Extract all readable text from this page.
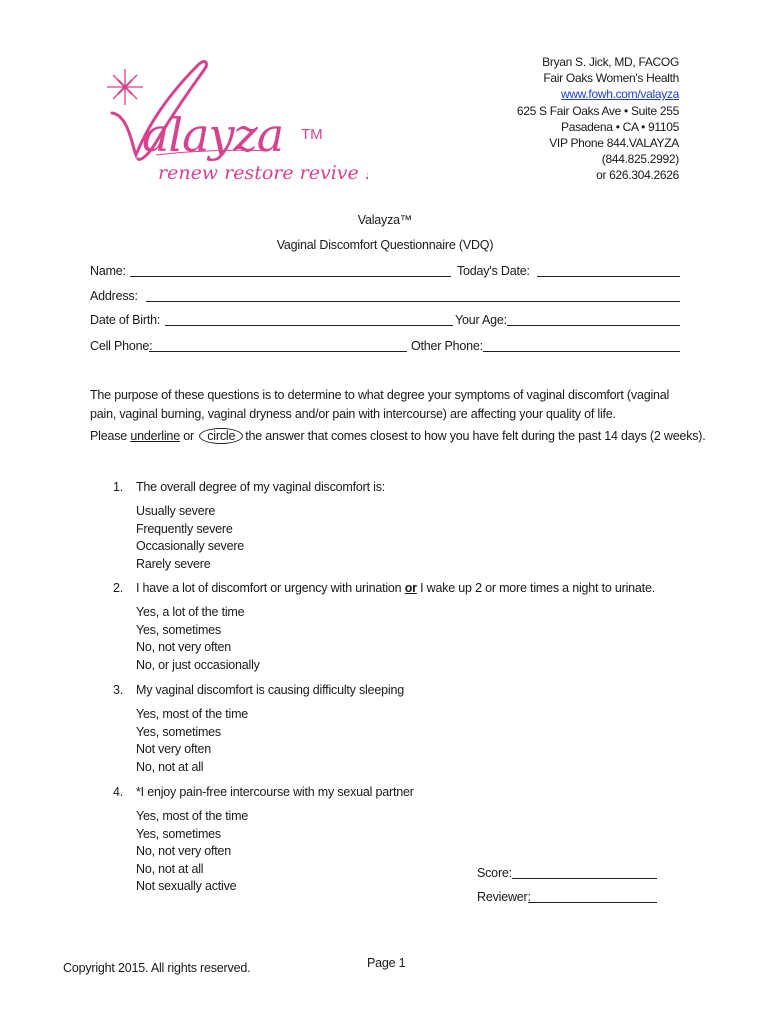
alayza TM
renew restore revive !
Bryan S. Jick, MD, FACOG
Fair Oaks Women's Health
www.fowh.com/valayza
625 S Fair Oaks Ave • Suite 255
Pasadena • CA • 91105
VIP Phone 844.VALAYZA
(844.825.2992)
or 626.304.2626
Valayza™
Vaginal Discomfort Questionnaire (VDQ)
Name:	Today's Date:
Address:
Date of Birth:	Your Age:
Cell Phone:	Other Phone:
The purpose of these questions is to determine to what degree your symptoms of vaginal discomfort (vaginal pain, vaginal burning, vaginal dryness and/or pain with intercourse) are affecting your quality of life.
Please underline or circle the answer that comes closest to how you have felt during the past 14 days (2 weeks).
1. The overall degree of my vaginal discomfort is:
Usually severe
Frequently severe
Occasionally severe
Rarely severe
2. I have a lot of discomfort or urgency with urination or I wake up 2 or more times a night to urinate.
Yes, a lot of the time
Yes, sometimes
No, not very often
No, or just occasionally
3. My vaginal discomfort is causing difficulty sleeping
Yes, most of the time
Yes, sometimes
Not very often
No, not at all
4. *I enjoy pain-free intercourse with my sexual partner
Yes, most of the time
Yes, sometimes
No, not very often
No, not at all
Not sexually active
Score:
Reviewer:
Copyright 2015. All rights reserved.	Page 1
